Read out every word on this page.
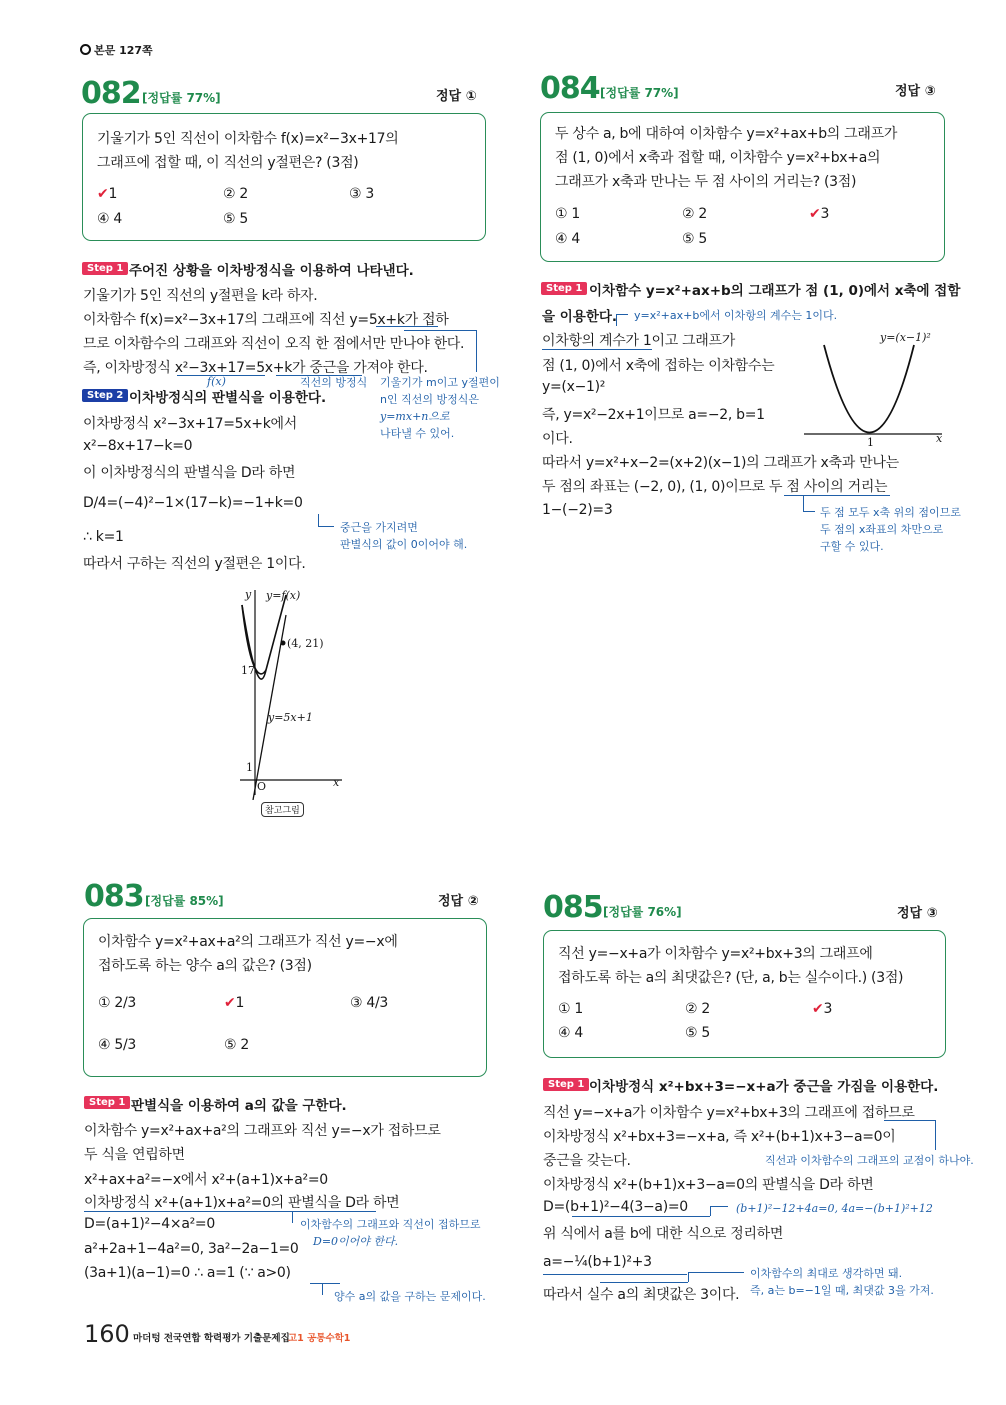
본문 127쪽
082 [정답률 77%]	정답 ①
기울기가 5인 직선이 이차함수 f(x)=x²−3x+17의
그래프에 접할 때, 이 직선의 y절편은? (3점)
✔1	② 2	③ 3
④ 4	⑤ 5
Step 1 주어진 상황을 이차방정식을 이용하여 나타낸다.
기울기가 5인 직선의 y절편을 k라 하자.
이차함수 f(x)=x²−3x+17의 그래프에 직선 y=5x+k가 접하
므로 이차함수의 그래프와 직선이 오직 한 점에서만 만나야 한다.
즉, 이차방정식 x²−3x+17=5x+k가 중근을 가져야 한다.
f(x)	직선의 방정식 기울기가 m이고 y절편이
n인 직선의 방정식은
y=mx+n으로
나타낼 수 있어.
Step 2 이차방정식의 판별식을 이용한다.
이차방정식 x²−3x+17=5x+k에서
x²−8x+17−k=0
이 이차방정식의 판별식을 D라 하면
D/4=(−4)²−1×(17−k)=−1+k=0
∴ k=1
따라서 구하는 직선의 y절편은 1이다.
중근을 가지려면
판별식의 값이 0이어야 해.
y=f(x)
y
(4, 21)
17
y=5x+1
1
O	x
참고그림
083 [정답률 85%]	정답 ②
이차함수 y=x²+ax+a²의 그래프가 직선 y=−x에
접하도록 하는 양수 a의 값은? (3점)
① 2/3	✔1	③ 4/3
④ 5/3	⑤ 2
Step 1 판별식을 이용하여 a의 값을 구한다.
이차함수 y=x²+ax+a²의 그래프와 직선 y=−x가 접하므로
두 식을 연립하면
x²+ax+a²=−x에서 x²+(a+1)x+a²=0
이차방정식 x²+(a+1)x+a²=0의 판별식을 D라 하면
D=(a+1)²−4×a²=0
a²+2a+1−4a²=0, 3a²−2a−1=0
(3a+1)(a−1)=0 ∴ a=1 (∵ a>0)
이차함수의 그래프와 직선이 접하므로
D=0이어야 한다.
양수 a의 값을 구하는 문제이다.
160 마더텅 전국연합 학력평가 기출문제집
고1 공통수학1
084 [정답률 77%]	정답 ③
두 상수 a, b에 대하여 이차함수 y=x²+ax+b의 그래프가
점 (1, 0)에서 x축과 접할 때, 이차함수 y=x²+bx+a의
그래프가 x축과 만나는 두 점 사이의 거리는? (3점)
① 1	② 2	✔3
④ 4	⑤ 5
Step 1 이차함수 y=x²+ax+b의 그래프가 점 (1, 0)에서 x축에 접함
을 이용한다. y=x²+ax+b에서 이차항의 계수는 1이다.
이차항의 계수가 1이고 그래프가
점 (1, 0)에서 x축에 접하는 이차함수는
y=(x−1)²
즉, y=x²−2x+1이므로 a=−2, b=1
이다.
따라서 y=x²+x−2=(x+2)(x−1)의 그래프가 x축과 만나는
두 점의 좌표는 (−2, 0), (1, 0)이므로 두 점 사이의 거리는
1−(−2)=3	두 점 모두 x축 위의 점이므로
두 점의 x좌표의 차만으로
구할 수 있다.
y=(x−1)²
1	x
085 [정답률 76%]	정답 ③
직선 y=−x+a가 이차함수 y=x²+bx+3의 그래프에
접하도록 하는 a의 최댓값은? (단, a, b는 실수이다.) (3점)
① 1	② 2	✔3
④ 4	⑤ 5
Step 1 이차방정식 x²+bx+3=−x+a가 중근을 가짐을 이용한다.
직선 y=−x+a가 이차함수 y=x²+bx+3의 그래프에 접하므로
이차방정식 x²+bx+3=−x+a, 즉 x²+(b+1)x+3−a=0이
중근을 갖는다.
이차방정식 x²+(b+1)x+3−a=0의 판별식을 D라 하면
D=(b+1)²−4(3−a)=0
위 식에서 a를 b에 대한 식으로 정리하면
a=−¼(b+1)²+3
따라서 실수 a의 최댓값은 3이다.
직선과 이차함수의 그래프의 교점이 하나야.
(b+1)²−12+4a=0, 4a=−(b+1)²+12
이차함수의 최대로 생각하면 돼.
즉, a는 b=−1일 때, 최댓값 3을 가져.
